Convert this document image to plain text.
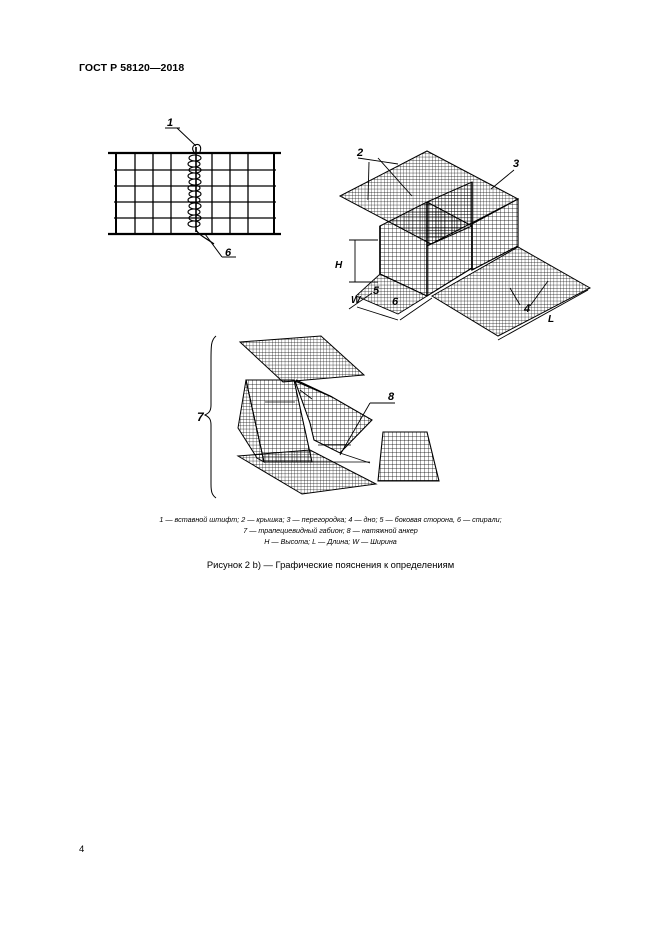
ГОСТ Р 58120—2018
1
6
2
3
H
5
6
W
4
L
7
8
1 — вставной штифт; 2 — крышка; 3 — перегородка; 4 — дно; 5 — боковая сторона, 6 — спирали;
7 — трапециевидный габион; 8 — натяжной анкер
H — Высота; L — Длина; W — Ширина
Рисунок 2 b) — Графические пояснения к определениям
4
